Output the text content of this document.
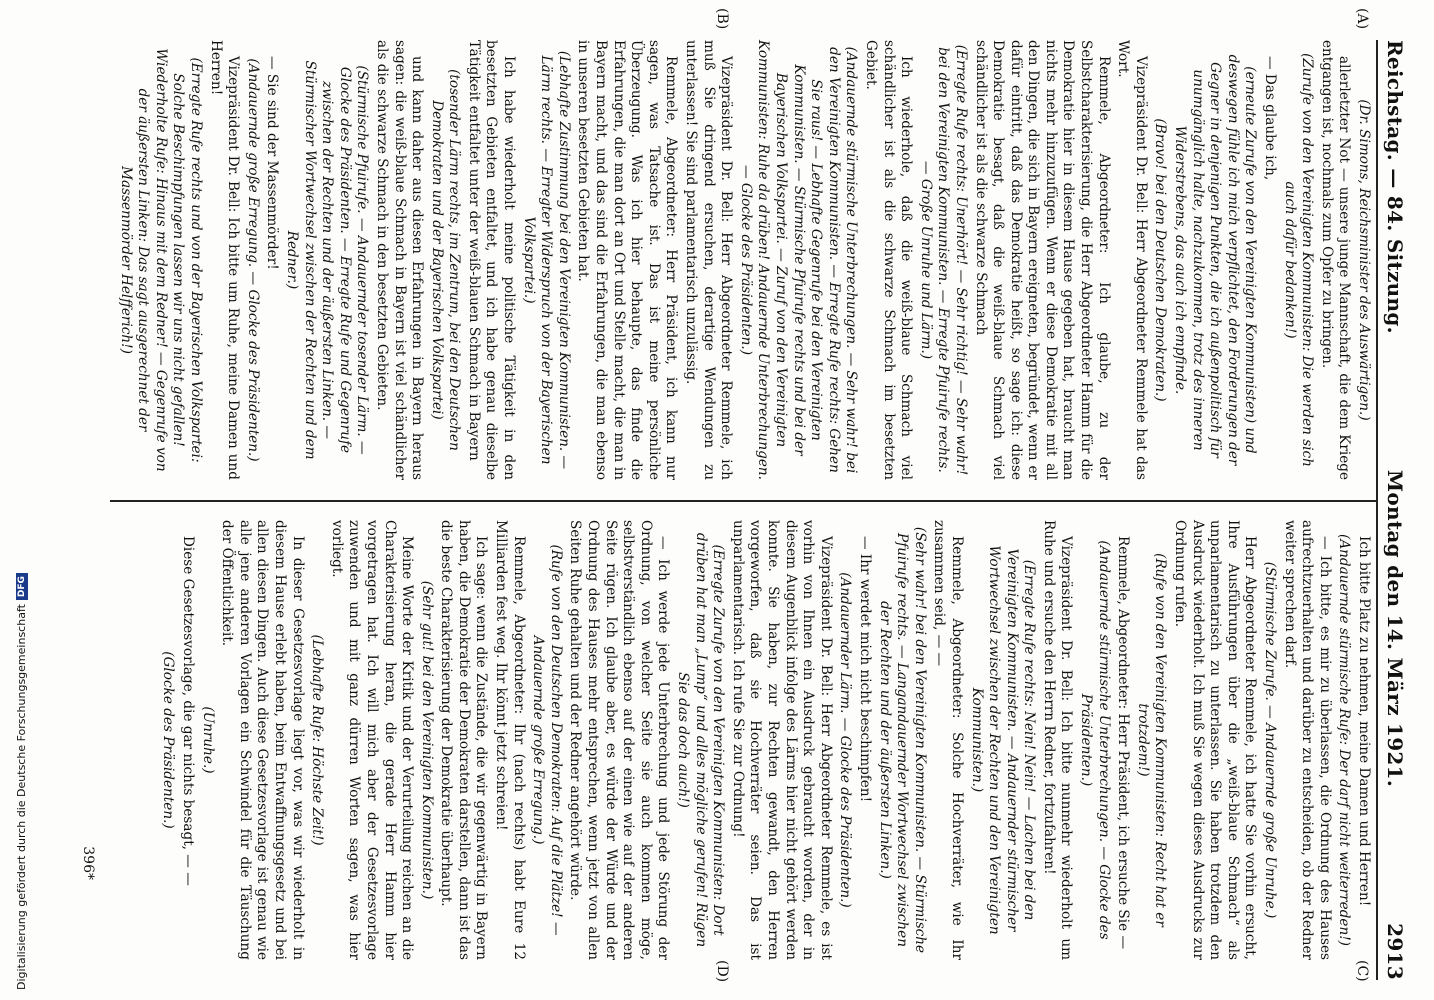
Reichstag. — 84. Sitzung.
Montag den 14. März 1921.
2913
(A)
(B)
(C)
(D)

(Dr. Simons, Reichsminister des Auswärtigen.)

allerletzter Not — unsere junge Mannschaft, die dem Kriege entgangen ist, nochmals zum Opfer zu bringen.

(Zurufe von den Vereinigten Kommunisten: Die werden sich auch dafür bedanken!)

— Das glaube ich,

(erneute Zurufe von den Vereinigten Kommunisten) und deswegen fühle ich mich verpflichtet, den Forderungen der Gegner in denjenigen Punkten, die ich außenpolitisch für unumgänglich halte, nachzukommen, trotz des inneren Widerstrebens, das auch ich empfinde.

(Bravo! bei den Deutschen Demokraten.)

Vizepräsident Dr. Bell: Herr Abgeordneter Remmele hat das Wort.

Remmele, Abgeordneter: Ich glaube, zu der Selbstcharakterisierung, die Herr Abgeordneter Hamm für die Demokratie hier in diesem Hause gegeben hat, braucht man nichts mehr hinzuzufügen. Wenn er diese Demokratie mit all den Dingen, die sich in Bayern ereigneten, begründet, wenn er dafür eintritt, daß das Demokratie heißt, so sage ich: diese Demokratie besagt, daß die weiß-blaue Schmach viel schändlicher ist als die schwarze Schmach

(Erregte Rufe rechts: Unerhört! — Sehr richtig! — Sehr wahr! bei den Vereinigten Kommunisten. — Erregte Pfuirufe rechts. — Große Unruhe und Lärm.)

Ich wiederhole, daß die weiß-blaue Schmach viel schändlicher ist als die schwarze Schmach im besetzten Gebiet.

(Andauernde stürmische Unterbrechungen. — Sehr wahr! bei den Vereinigten Kommunisten. — Erregte Rufe rechts: Gehen Sie raus! — Lebhafte Gegenrufe bei den Vereinigten Kommunisten. — Stürmische Pfuirufe rechts und bei der Bayerischen Volkspartei. — Zuruf von den Vereinigten Kommunisten: Ruhe da drüben! Andauernde Unterbrechungen. — Glocke des Präsidenten.)

Vizepräsident Dr. Bell: Herr Abgeordneter Remmele, ich muß Sie dringend ersuchen, derartige Wendungen zu unterlassen! Sie sind parlamentarisch unzulässig.

Remmele, Abgeordneter: Herr Präsident, ich kann nur sagen, was Tatsache ist. Das ist meine persönliche Überzeugung. Was ich hier behaupte, das finde die Erfahrungen, die man dort an Ort und Stelle macht, die man in Bayern macht, und das sind die Erfahrungen, die man ebenso in unseren besetzten Gebieten hat.

(Lebhafte Zustimmung bei den Vereinigten Kommunisten. — Lärm rechts. — Erregter Widerspruch von der Bayerischen Volkspartei.)

Ich habe wiederholt meine politische Tätigkeit in den besetzten Gebieten entfaltet, und ich habe genau dieselbe Tätigkeit entfaltet unter der weiß-blauen Schmach in Bayern

(tosender Lärm rechts, im Zentrum, bei den Deutschen Demokraten und der Bayerischen Volkspartei)

und kann daher aus diesen Erfahrungen in Bayern heraus sagen: die weiß-blaue Schmach in Bayern ist viel schändlicher als die schwarze Schmach in den besetzten Gebieten.

(Stürmische Pfuirufe. — Andauernder tosender Lärm. — Glocke des Präsidenten. — Erregte Rufe und Gegenrufe zwischen der Rechten und der äußersten Linken. — Stürmischer Wortwechsel zwischen der Rechten und dem Redner.)

— Sie sind der Massenmörder!

(Andauernde große Erregung. — Glocke des Präsidenten.)

Vizepräsident Dr. Bell: Ich bitte um Ruhe, meine Damen und Herren!

(Erregte Rufe rechts und von der Bayerischen Volkspartei: Solche Beschimpfungen lassen wir uns nicht gefallen! Wiederholte Rufe: Hinaus mit dem Redner! — Gegenrufe von der äußersten Linken: Das sagt ausgerechnet der Massenmörder Helfferich!)

Ich bitte Platz zu nehmen, meine Damen und Herren!

(Andauernde stürmische Rufe: Der darf nicht weiterreden!)

— Ich bitte, es mir zu überlassen, die Ordnung des Hauses aufrechtzuerhalten und darüber zu entscheiden, ob der Redner weiter sprechen darf.

(Stürmische Zurufe. — Andauernde große Unruhe.)

Herr Abgeordneter Remmele, ich hatte Sie vorhin ersucht, Ihre Ausführungen über die „weiß-blaue Schmach“ als unparlamentarisch zu unterlassen. Sie haben trotzdem den Ausdruck wiederholt. Ich muß Sie wegen dieses Ausdrucks zur Ordnung rufen.

(Rufe von den Vereinigten Kommunisten: Recht hat er trotzdem!)

Remmele, Abgeordneter: Herr Präsident, ich ersuche Sie —

(Andauernde stürmische Unterbrechungen. — Glocke des Präsidenten.)

Vizepräsident Dr. Bell: Ich bitte nunmehr wiederholt um Ruhe und ersuche den Herrn Redner, fortzufahren!

(Erregte Rufe rechts: Nein! Nein! — Lachen bei den Vereinigten Kommunisten. — Andauernder stürmischer Wortwechsel zwischen der Rechten und den Vereinigten Kommunisten.)

Remmele, Abgeordneter: Solche Hochverräter, wie Ihr zusammen seid, — —

(Sehr wahr! bei den Vereinigten Kommunisten. — Stürmische Pfuirufe rechts. — Langandauernder Wortwechsel zwischen der Rechten und der äußersten Linken.)

— Ihr werdet mich nicht beschimpfen!

(Andauernder Lärm. — Glocke des Präsidenten.)

Vizepräsident Dr. Bell: Herr Abgeordneter Remmele, es ist vorhin von Ihnen ein Ausdruck gebraucht worden, der in diesem Augenblick infolge des Lärms hier nicht gehört werden konnte. Sie haben, zur Rechten gewandt, den Herren vorgeworfen, daß sie Hochverräter seien. Das ist unparlamentarisch. Ich rufe Sie zur Ordnung!

(Erregte Zurufe von den Vereinigten Kommunisten: Dort drüben hat man „Lump“ und alles mögliche gerufen! Rügen Sie das doch auch!)

— Ich werde jede Unterbrechung und jede Störung der Ordnung, von welcher Seite sie auch kommen möge, selbstverständlich ebenso auf der einen wie auf der anderen Seite rügen. Ich glaube aber, es würde der Würde und der Ordnung des Hauses mehr entsprechen, wenn jetzt von allen Seiten Ruhe gehalten und der Redner angehört würde.

(Rufe von den Deutschen Demokraten: Auf die Plätze! — Andauernde große Erregung.)

Remmele, Abgeordneter: Ihr (nach rechts) habt Eure 12 Milliarden fest weg. Ihr könnt jetzt schreien!

Ich sage: wenn die Zustände, die wir gegenwärtig in Bayern haben, die Demokratie der Demokraten darstellen, dann ist das die beste Charakterisierung der Demokratie überhaupt.

(Sehr gut! bei den Vereinigten Kommunisten.)

Meine Worte der Kritik und der Verurteilung reichen an die Charakterisierung heran, die gerade Herr Hamm hier vorgetragen hat. Ich will mich aber der Gesetzesvorlage zuwenden und mit ganz dürren Worten sagen, was hier vorliegt.

(Lebhafte Rufe: Höchste Zeit!)

In dieser Gesetzesvorlage liegt vor, was wir wiederholt in diesem Hause erlebt haben, beim Entwaffnungsgesetz und bei allen diesen Dingen. Auch diese Gesetzesvorlage ist genau wie alle jene anderen Vorlagen ein Schwindel für die Täuschung der Öffentlichkeit.

(Unruhe.)

Diese Gesetzesvorlage, die gar nichts besagt, — —

(Glocke des Präsidenten.)

396*
Digitalisierung gefördert durch die Deutsche Forschungsgemeinschaft
DFG
